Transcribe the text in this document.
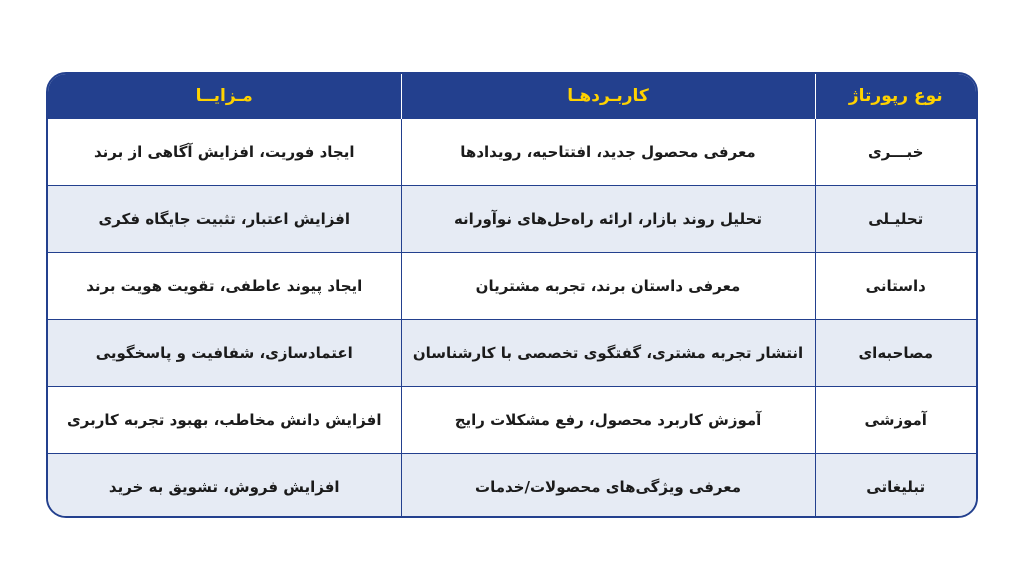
نوع رپورتاژ	کاربـردهـا	مـزایــا
خبـــری	معرفی محصول جدید، افتتاحیه، رویدادها	ایجاد فوریت، افزایش آگاهی از برند
تحلیـلی	تحلیل روند بازار، ارائه راه‌حل‌های نوآورانه	افزایش اعتبار، تثبیت جایگاه فکری
داستانی	معرفی داستان برند، تجربه مشتریان	ایجاد پیوند عاطفی، تقویت هویت برند
مصاحبه‌ای	انتشار تجربه مشتری، گفتگوی تخصصی با کارشناسان	اعتمادسازی، شفافیت و پاسخگویی
آموزشی	آموزش کاربرد محصول، رفع مشکلات رایج	افزایش دانش مخاطب، بهبود تجربه کاربری
تبلیغاتی	معرفی ویژگی‌های محصولات/خدمات	افزایش فروش، تشویق به خرید
